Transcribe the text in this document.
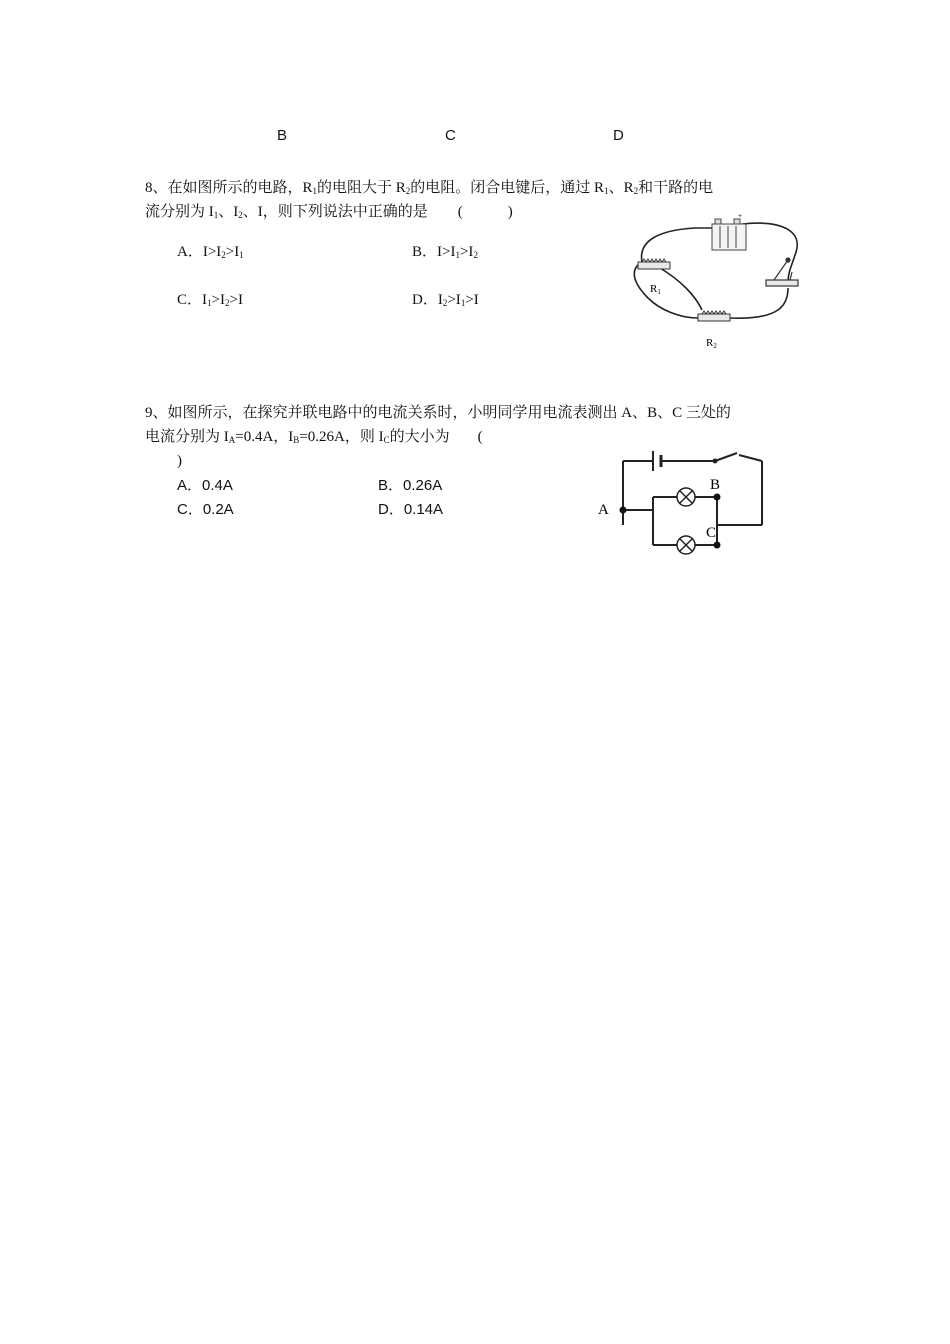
B	C	D
8、在如图所示的电路，$R_1$的电阻大于 $R_2$的电阻。闭合电键后，通过 $R_1$、$R_2$和干路的电
流分别为 $I_1$、$I_2$、I，则下列说法中正确的是 (　　　)
A．$I>I_2>I_1$	B．$I>I_1>I_2$
C．$I_1>I_2>I$	D．$I_2>I_1>I$
+
R1
R2
9、如图所示，在探究并联电路中的电流关系时，小明同学用电流表测出 A、B、C 三处的
电流分别为 $I_A=0.4A$，$I_B=0.26A$，则 $I_C$的大小为 (
)
A．0.4A	B．0.26A
C．0.2A	D．0.14A	A
B
C
